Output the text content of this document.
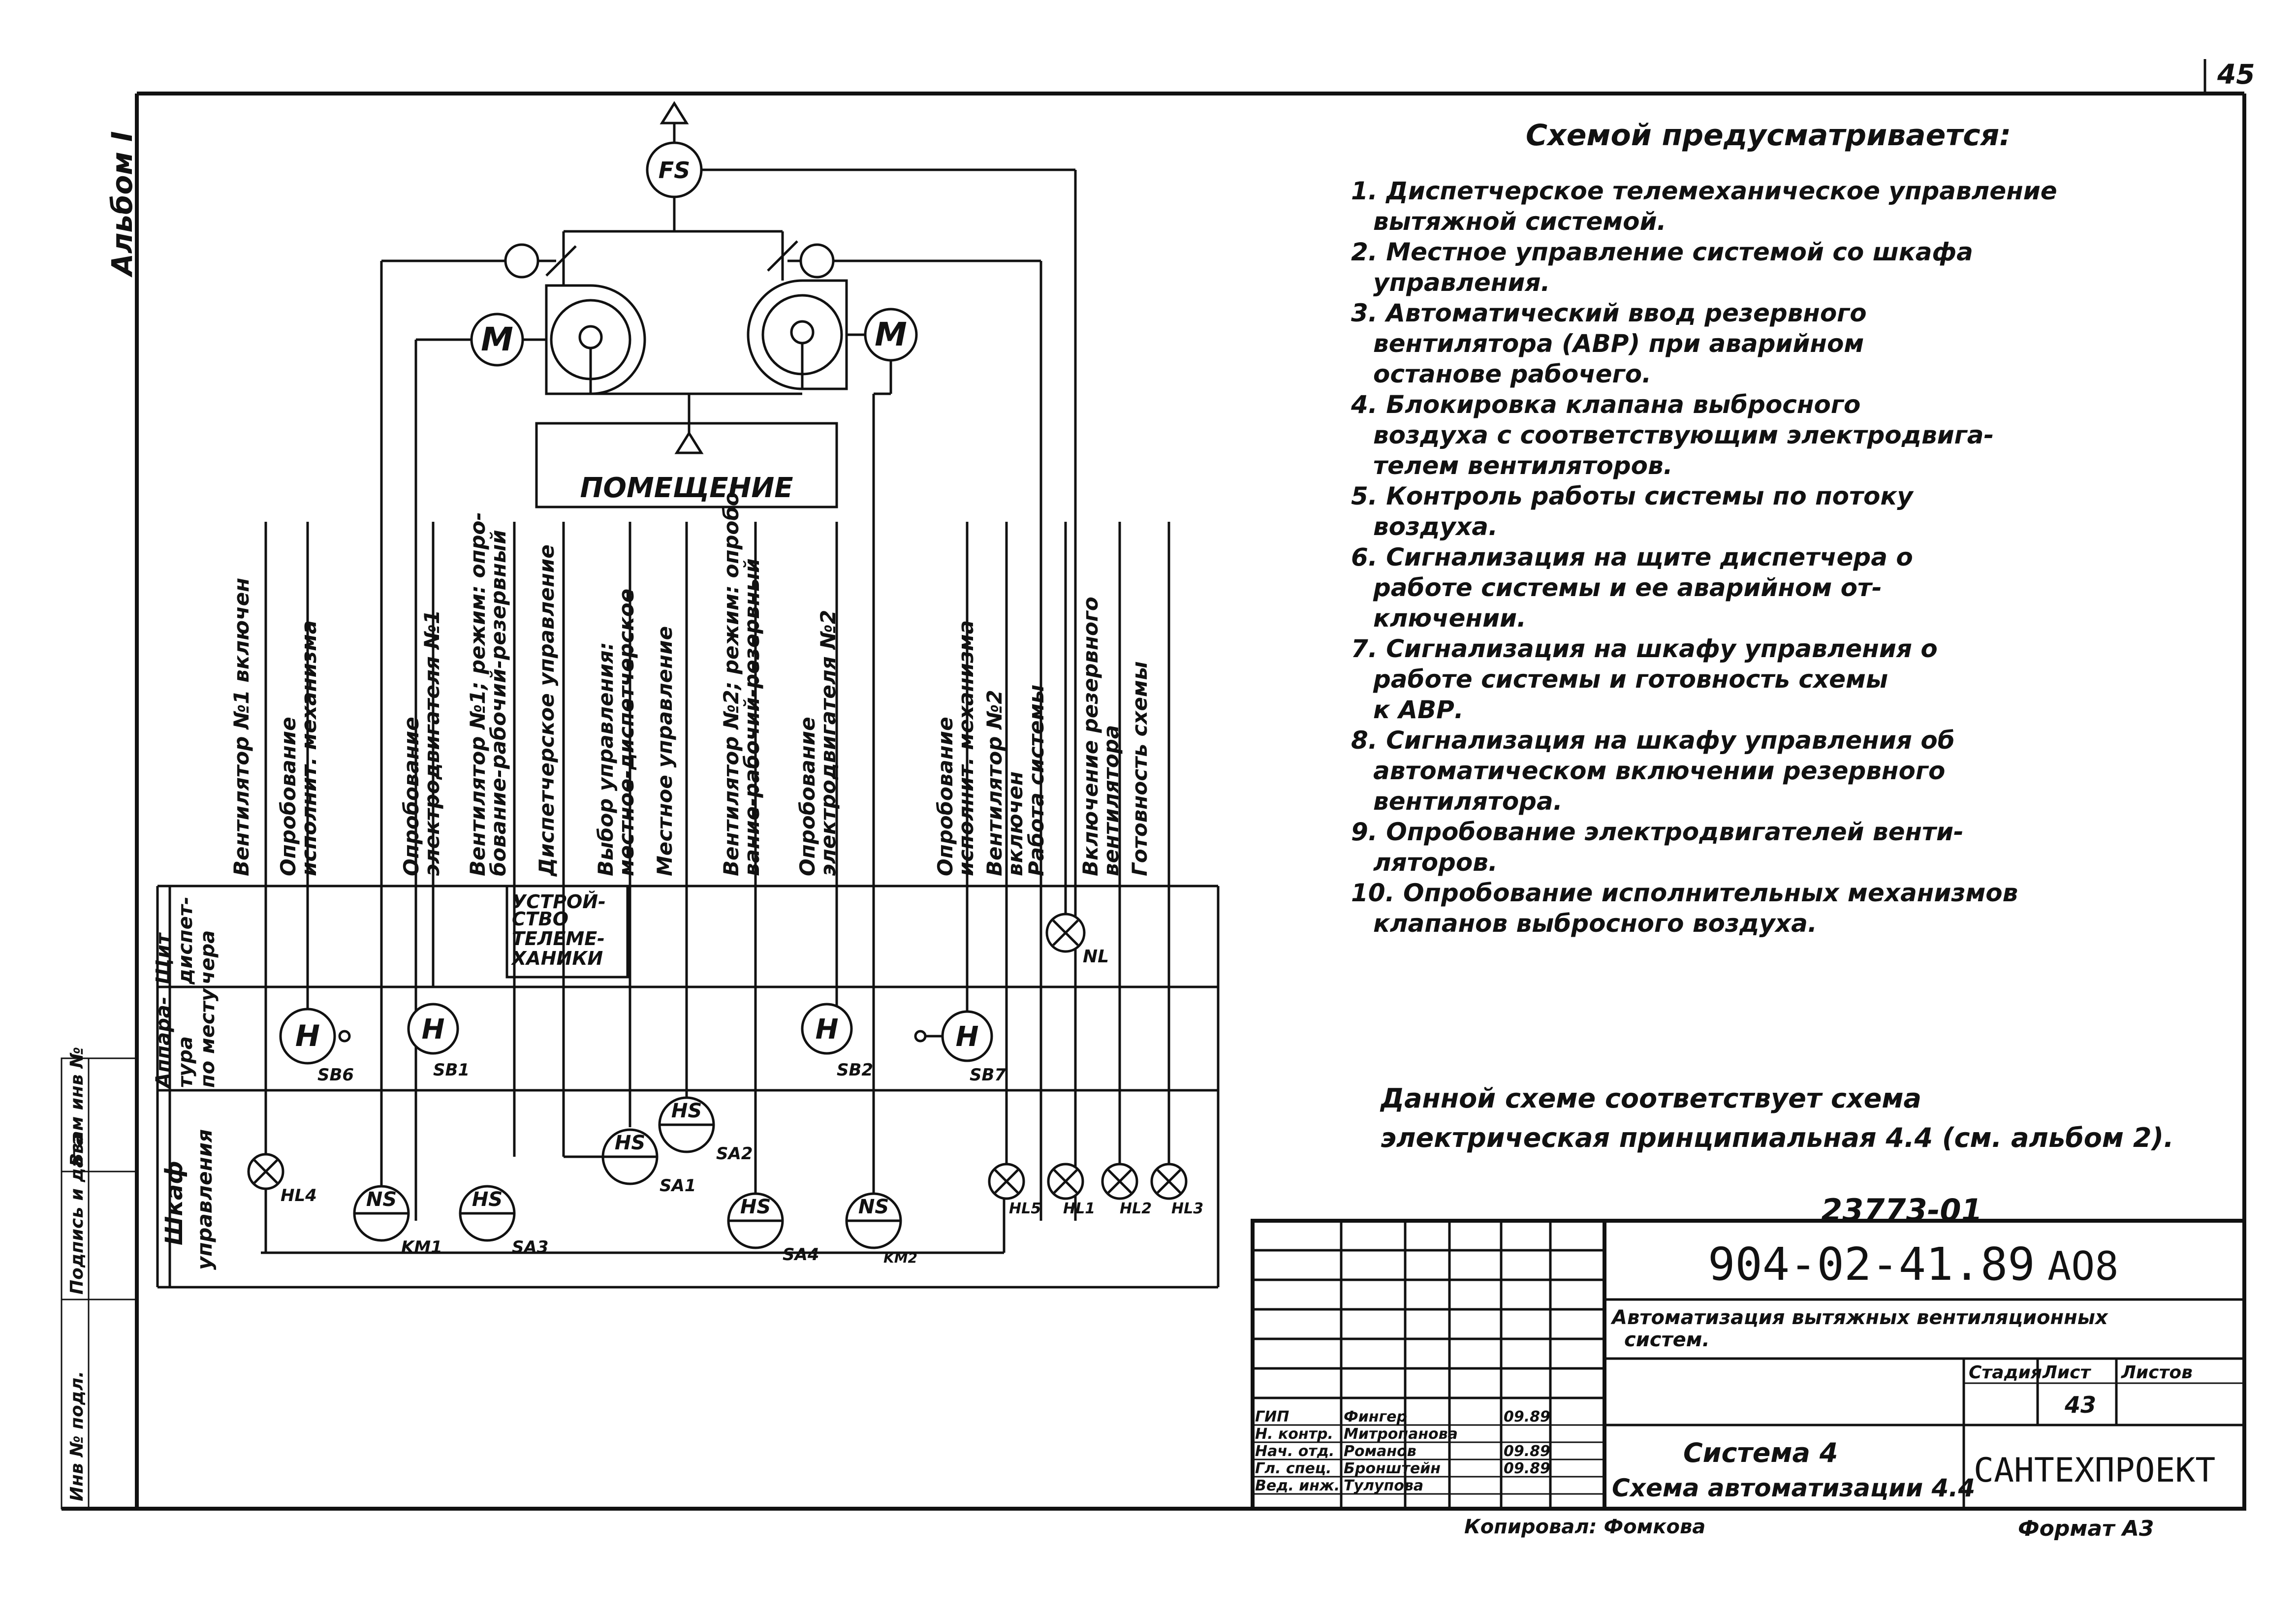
45
Альбом I
Взам инв №
Подпись и дата
Инв № подл.
FS
M	M
ПОМЕЩЕНИЕ
Вентилятор №1 включен Опробование
исполнит. механизма	Опробование
электродвигателя №1 Вентилятор №1; режим: опро-
бование-рабочий-резервный Диспетчерское управление Выбор управления:
местное-диспетчерское Местное управление Вентилятор №2; режим: опробо-
вание-рабочий-резервный Опробование
электродвигателя №2	Опробование
исполнит. механизма Вентилятор №2
включен
Работа системы Включение резервного
вентилятора Готовность схемы
Щит диспет- чера
Аппара- тура по месту
Шкаф управления
УСТРОЙ-
СТВО
ТЕЛЕМЕ-
ХАНИКИ	NL
H
SB6
H
SB1
H
SB2
H
SB7
HS
SA1
HS
SA2
NS
KM1
HS
SA3
HS
SA4
NS
KM2
HL4
HL5 HL1 HL2 HL3
Схемой предусматривается:
1. Диспетчерское телемеханическое управление
вытяжной системой.
2. Местное управление системой со шкафа
управления.
3. Автоматический ввод резервного
вентилятора (АВР) при аварийном
останове рабочего.
4. Блокировка клапана выбросного
воздуха с соответствующим электродвига-
телем вентиляторов.
5. Контроль работы системы по потоку
воздуха.
6. Сигнализация на щите диспетчера о
работе системы и ее аварийном от-
ключении.
7. Сигнализация на шкафу управления о
работе системы и готовность схемы
к АВР.
8. Сигнализация на шкафу управления об
автоматическом включении резервного
вентилятора.
9. Опробование электродвигателей венти-
ляторов.
10. Опробование исполнительных механизмов
клапанов выбросного воздуха.
Данной схеме соответствует схема
электрическая принципиальная 4.4 (см. альбом 2).
23773-01
904-02-41.89 АО8
Автоматизация вытяжных вентиляционных
систем.
Стадия Лист Листов
43
Система 4
Схема автоматизации 4.4
САНТЕХПРОЕКТ
ГИП	Фингер	09.89
Н. контр. Митропанова
Нач. отд. Романов	09.89
Гл. спец. Бронштейн	09.89
Вед. инж. Тулупова
Копировал: Фомкова	Формат А3
